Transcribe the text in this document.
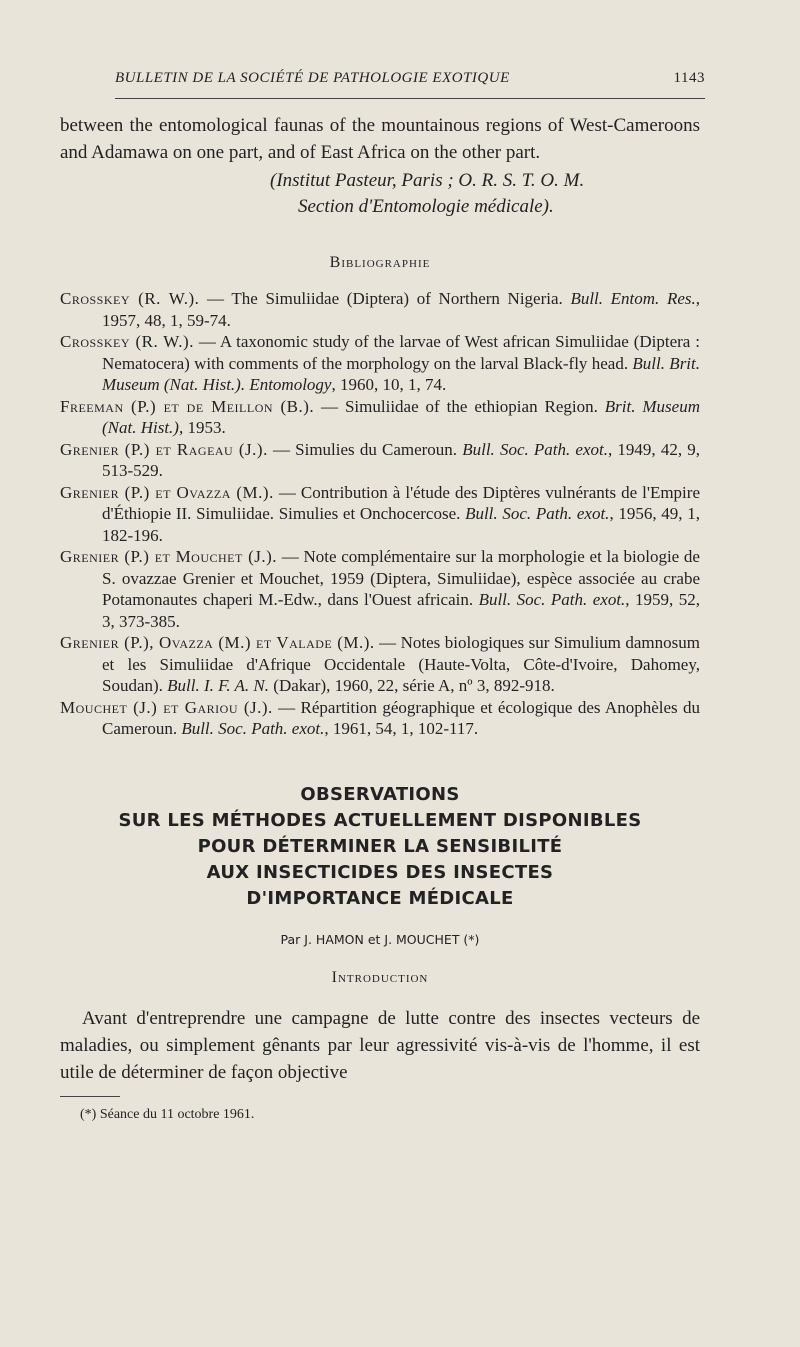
BULLETIN DE LA SOCIÉTÉ DE PATHOLOGIE EXOTIQUE	1143

between the entomological faunas of the mountainous regions of West-Cameroons and Adamawa on one part, and of East Africa on the other part.

(Institut Pasteur, Paris ; O. R. S. T. O. M.
Section d'Entomologie médicale).
Bibliographie
Crosskey (R. W.). — The Simuliidae (Diptera) of Northern Nigeria. Bull. Entom. Res., 1957, 48, 1, 59-74.
Crosskey (R. W.). — A taxonomic study of the larvae of West african Simuliidae (Diptera : Nematocera) with comments of the morphology on the larval Black-fly head. Bull. Brit. Museum (Nat. Hist.). Entomology, 1960, 10, 1, 74.
Freeman (P.) et de Meillon (B.). — Simuliidae of the ethiopian Region. Brit. Museum (Nat. Hist.), 1953.
Grenier (P.) et Rageau (J.). — Simulies du Cameroun. Bull. Soc. Path. exot., 1949, 42, 9, 513-529.
Grenier (P.) et Ovazza (M.). — Contribution à l'étude des Diptères vulnérants de l'Empire d'Éthiopie II. Simuliidae. Simulies et Onchocercose. Bull. Soc. Path. exot., 1956, 49, 1, 182-196.
Grenier (P.) et Mouchet (J.). — Note complémentaire sur la morphologie et la biologie de S. ovazzae Grenier et Mouchet, 1959 (Diptera, Simuliidae), espèce associée au crabe Potamonautes chaperi M.-Edw., dans l'Ouest africain. Bull. Soc. Path. exot., 1959, 52, 3, 373-385.
Grenier (P.), Ovazza (M.) et Valade (M.). — Notes biologiques sur Simulium damnosum et les Simuliidae d'Afrique Occidentale (Haute-Volta, Côte-d'Ivoire, Dahomey, Soudan). Bull. I. F. A. N. (Dakar), 1960, 22, série A, nº 3, 892-918.
Mouchet (J.) et Gariou (J.). — Répartition géographique et écologique des Anophèles du Cameroun. Bull. Soc. Path. exot., 1961, 54, 1, 102-117.
OBSERVATIONS
SUR LES MÉTHODES ACTUELLEMENT DISPONIBLES
POUR DÉTERMINER LA SENSIBILITÉ
AUX INSECTICIDES DES INSECTES
D'IMPORTANCE MÉDICALE
Par J. HAMON et J. MOUCHET (*)
Introduction

Avant d'entreprendre une campagne de lutte contre des insectes vecteurs de maladies, ou simplement gênants par leur agressivité vis-à-vis de l'homme, il est utile de déterminer de façon objective

(*) Séance du 11 octobre 1961.
